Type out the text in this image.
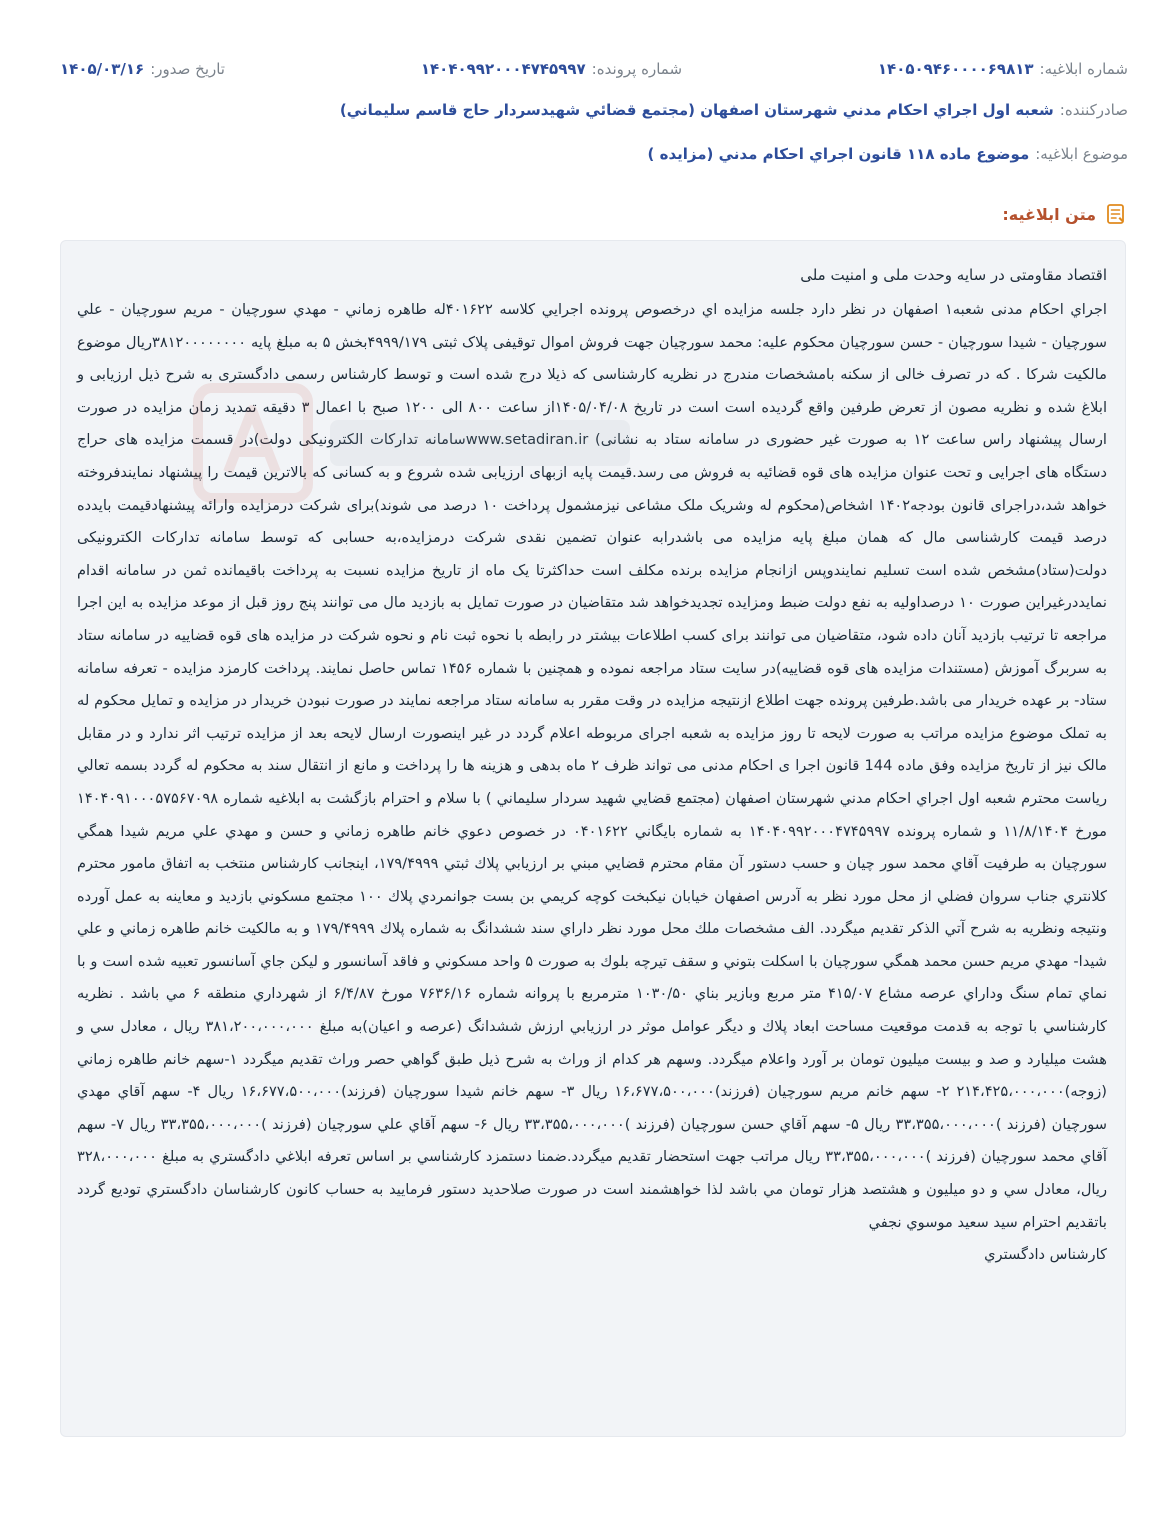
شماره ابلاغیه:
۱۴۰۵۰۹۴۶۰۰۰۰۶۹۸۱۳
شماره پرونده:
۱۴۰۴۰۹۹۲۰۰۰۴۷۴۵۹۹۷
تاریخ صدور:
۱۴۰۵/۰۳/۱۶
صادرکننده:
شعبه اول اجراي احكام مدني شهرستان اصفهان (مجتمع قضائي شهيدسردار حاج قاسم سليماني)
موضوع ابلاغیه:
موضوع ماده ۱۱۸ قانون اجراي احكام مدني (مزايده )
متن ابلاغیه:

اقتصاد مقاومتی در سایه وحدت ملی و امنیت ملی

اجراي احکام مدنی شعبه۱ اصفهان در نظر دارد جلسه مزايده اي درخصوص پرونده اجرايي کلاسه ۴۰۱۶۲۲له طاهره زماني - مهدي سورچيان - مريم سورچيان - علي سورچيان - شيدا سورچيان - حسن سورچيان محکوم عليه: محمد سورچيان جهت فروش اموال توقيفی پلاک ثبتی ۴۹۹۹/۱۷۹بخش ۵ به مبلغ پايه ۳۸۱۲۰۰۰۰۰۰۰۰ريال موضوع مالکيت شرکا . که در تصرف خالی از سکنه بامشخصات مندرج در نظريه کارشناسی که ذيلا درج شده است و توسط کارشناس رسمی دادگستری به شرح ذيل ارزيابی و ابلاغ شده و نظريه مصون از تعرض طرفين واقع گرديده است است در تاريخ ۱۴۰۵/۰۴/۰۸از ساعت ۸۰۰ الی ۱۲۰۰ صبح با اعمال ۳ دقيقه تمديد زمان مزايده در صورت ارسال پيشنهاد راس ساعت ۱۲ به صورت غير حضوری در سامانه ستاد به نشانی) www.setadiran.irسامانه تدارکات الکترونيکی دولت)در قسمت مزايده های حراج دستگاه های اجرايی و تحت عنوان مزايده های قوه قضائيه به فروش می رسد.قيمت پايه ازبهای ارزيابی شده شروع و به کسانی که بالاترين قيمت را پيشنهاد نمايندفروخته خواهد شد،دراجرای قانون بودجه۱۴۰۲ اشخاص(محکوم له وشريک ملک مشاعی نيزمشمول پرداخت ۱۰ درصد می شوند)برای شرکت درمزايده وارائه پيشنهادقيمت بايدده درصد قيمت کارشناسی مال که همان مبلغ پايه مزايده می باشدرابه عنوان تضمين نقدی شرکت درمزايده،به حسابی که توسط سامانه تدارکات الکترونيکی دولت(ستاد)مشخص شده است تسليم نمايندوپس ازانجام مزايده برنده مکلف است حداکثرتا يک ماه از تاريخ مزايده نسبت به پرداخت باقيمانده ثمن در سامانه اقدام نمايددرغيراين صورت ۱۰ درصداوليه به نفع دولت ضبط ومزايده تجديدخواهد شد متقاضيان در صورت تمايل به بازديد مال می توانند پنج روز قبل از موعد مزايده به اين اجرا مراجعه تا ترتيب بازديد آنان داده شود، متقاضيان می توانند برای کسب اطلاعات بيشتر در رابطه با نحوه ثبت نام و نحوه شرکت در مزايده های قوه قضاييه در سامانه ستاد به سربرگ آموزش (مستندات مزايده های قوه قضاييه)در سايت ستاد مراجعه نموده و همچنين با شماره ۱۴۵۶ تماس حاصل نمايند. پرداخت کارمزد مزايده - تعرفه سامانه ستاد- بر عهده خريدار می باشد.طرفين پرونده جهت اطلاع ازنتيجه مزايده در وقت مقرر به سامانه ستاد مراجعه نمايند در صورت نبودن خريدار در مزايده و تمايل محکوم له به تملک موضوع مزايده مراتب به صورت لايحه تا روز مزايده به شعبه اجرای مربوطه اعلام گردد در غير اينصورت ارسال لايحه بعد از مزايده ترتيب اثر ندارد و در مقابل مالک نيز از تاريخ مزايده وفق ماده 144 قانون اجرا ی احکام مدنی می تواند ظرف ۲ ماه بدهی و هزينه ها را پرداخت و مانع از انتقال سند به محکوم له گردد بسمه تعالي رياست محترم شعبه اول اجراي احكام مدني شهرستان اصفهان (مجتمع قضايي شهيد سردار سليماني ) با سلام و احترام بازگشت به ابلاغيه شماره ۱۴۰۴۰۹۱۰۰۰۵۷۵۶۷۰۹۸ مورخ ۱۱/۸/۱۴۰۴ و شماره پرونده ۱۴۰۴۰۹۹۲۰۰۰۴۷۴۵۹۹۷ به شماره بايگاني ۰۴۰۱۶۲۲ در خصوص دعوي خانم طاهره زماني و حسن و مهدي علي مريم شيدا همگي سورچيان به طرفيت آقاي محمد سور چيان و حسب دستور آن مقام محترم قضايي مبني بر ارزيابي پلاك ثبتي ۱۷۹/۴۹۹۹، اينجانب كارشناس منتخب به اتفاق مامور محترم كلانتري جناب سروان فضلي از محل مورد نظر به آدرس اصفهان خيابان نيكبخت كوچه كريمي بن بست جوانمردي پلاك ۱۰۰ مجتمع مسكوني بازديد و معاينه به عمل آورده ونتيجه ونظريه به شرح آتي الذكر تقديم ميگردد. الف مشخصات ملك محل مورد نظر داراي سند ششدانگ به شماره پلاك ۱۷۹/۴۹۹۹ و به مالكيت خانم طاهره زماني و علي شيدا- مهدي مريم حسن محمد همگي سورچيان با اسكلت بتوني و سقف تيرچه بلوك به صورت ۵ واحد مسكوني و فاقد آسانسور و ليكن جاي آسانسور تعبيه شده است و با نماي تمام سنگ وداراي عرصه مشاع ۴۱۵/۰۷ متر مربع وبازير بناي ۱۰۳۰/۵۰ مترمربع با پروانه شماره ۷۶۳۶/۱۶ مورخ ۶/۴/۸۷ از شهرداري منطقه ۶ مي باشد . نظريه كارشناسي با توجه به قدمت موقعيت مساحت ابعاد پلاك و ديگر عوامل موثر در ارزيابي ارزش ششدانگ (عرصه و اعيان)به مبلغ ۳۸۱،۲۰۰،۰۰۰،۰۰۰ ريال ، معادل سي و هشت ميليارد و صد و بيست ميليون تومان بر آورد واعلام ميگردد. وسهم هر كدام از وراث به شرح ذيل طبق گواهي حصر وراث تقديم ميگردد ۱-سهم خانم طاهره زماني (زوجه)۲۱۴،۴۲۵،۰۰۰،۰۰۰ ۲- سهم خانم مريم سورچيان (فرزند)۱۶،۶۷۷،۵۰۰،۰۰۰ ريال ۳- سهم خانم شيدا سورچيان (فرزند)۱۶،۶۷۷،۵۰۰،۰۰۰ ريال ۴- سهم آقاي مهدي سورچيان (فرزند )۳۳،۳۵۵،۰۰۰،۰۰۰ ريال ۵- سهم آقاي حسن سورچيان (فرزند )۳۳،۳۵۵،۰۰۰،۰۰۰ ريال ۶- سهم آقاي علي سورچيان (فرزند )۳۳،۳۵۵،۰۰۰،۰۰۰ ريال ۷- سهم آقاي محمد سورچيان (فرزند )۳۳،۳۵۵،۰۰۰،۰۰۰ ريال مراتب جهت استحضار تقديم ميگردد.ضمنا دستمزد كارشناسي بر اساس تعرفه ابلاغي دادگستري به مبلغ ۳۲۸،۰۰۰،۰۰۰ ريال، معادل سي و دو ميليون و هشتصد هزار تومان مي باشد لذا خواهشمند است در صورت صلاحديد دستور فرماييد به حساب كانون كارشناسان دادگستري توديع گردد باتقديم احترام سيد سعيد موسوي نجفي

كارشناس دادگستري
